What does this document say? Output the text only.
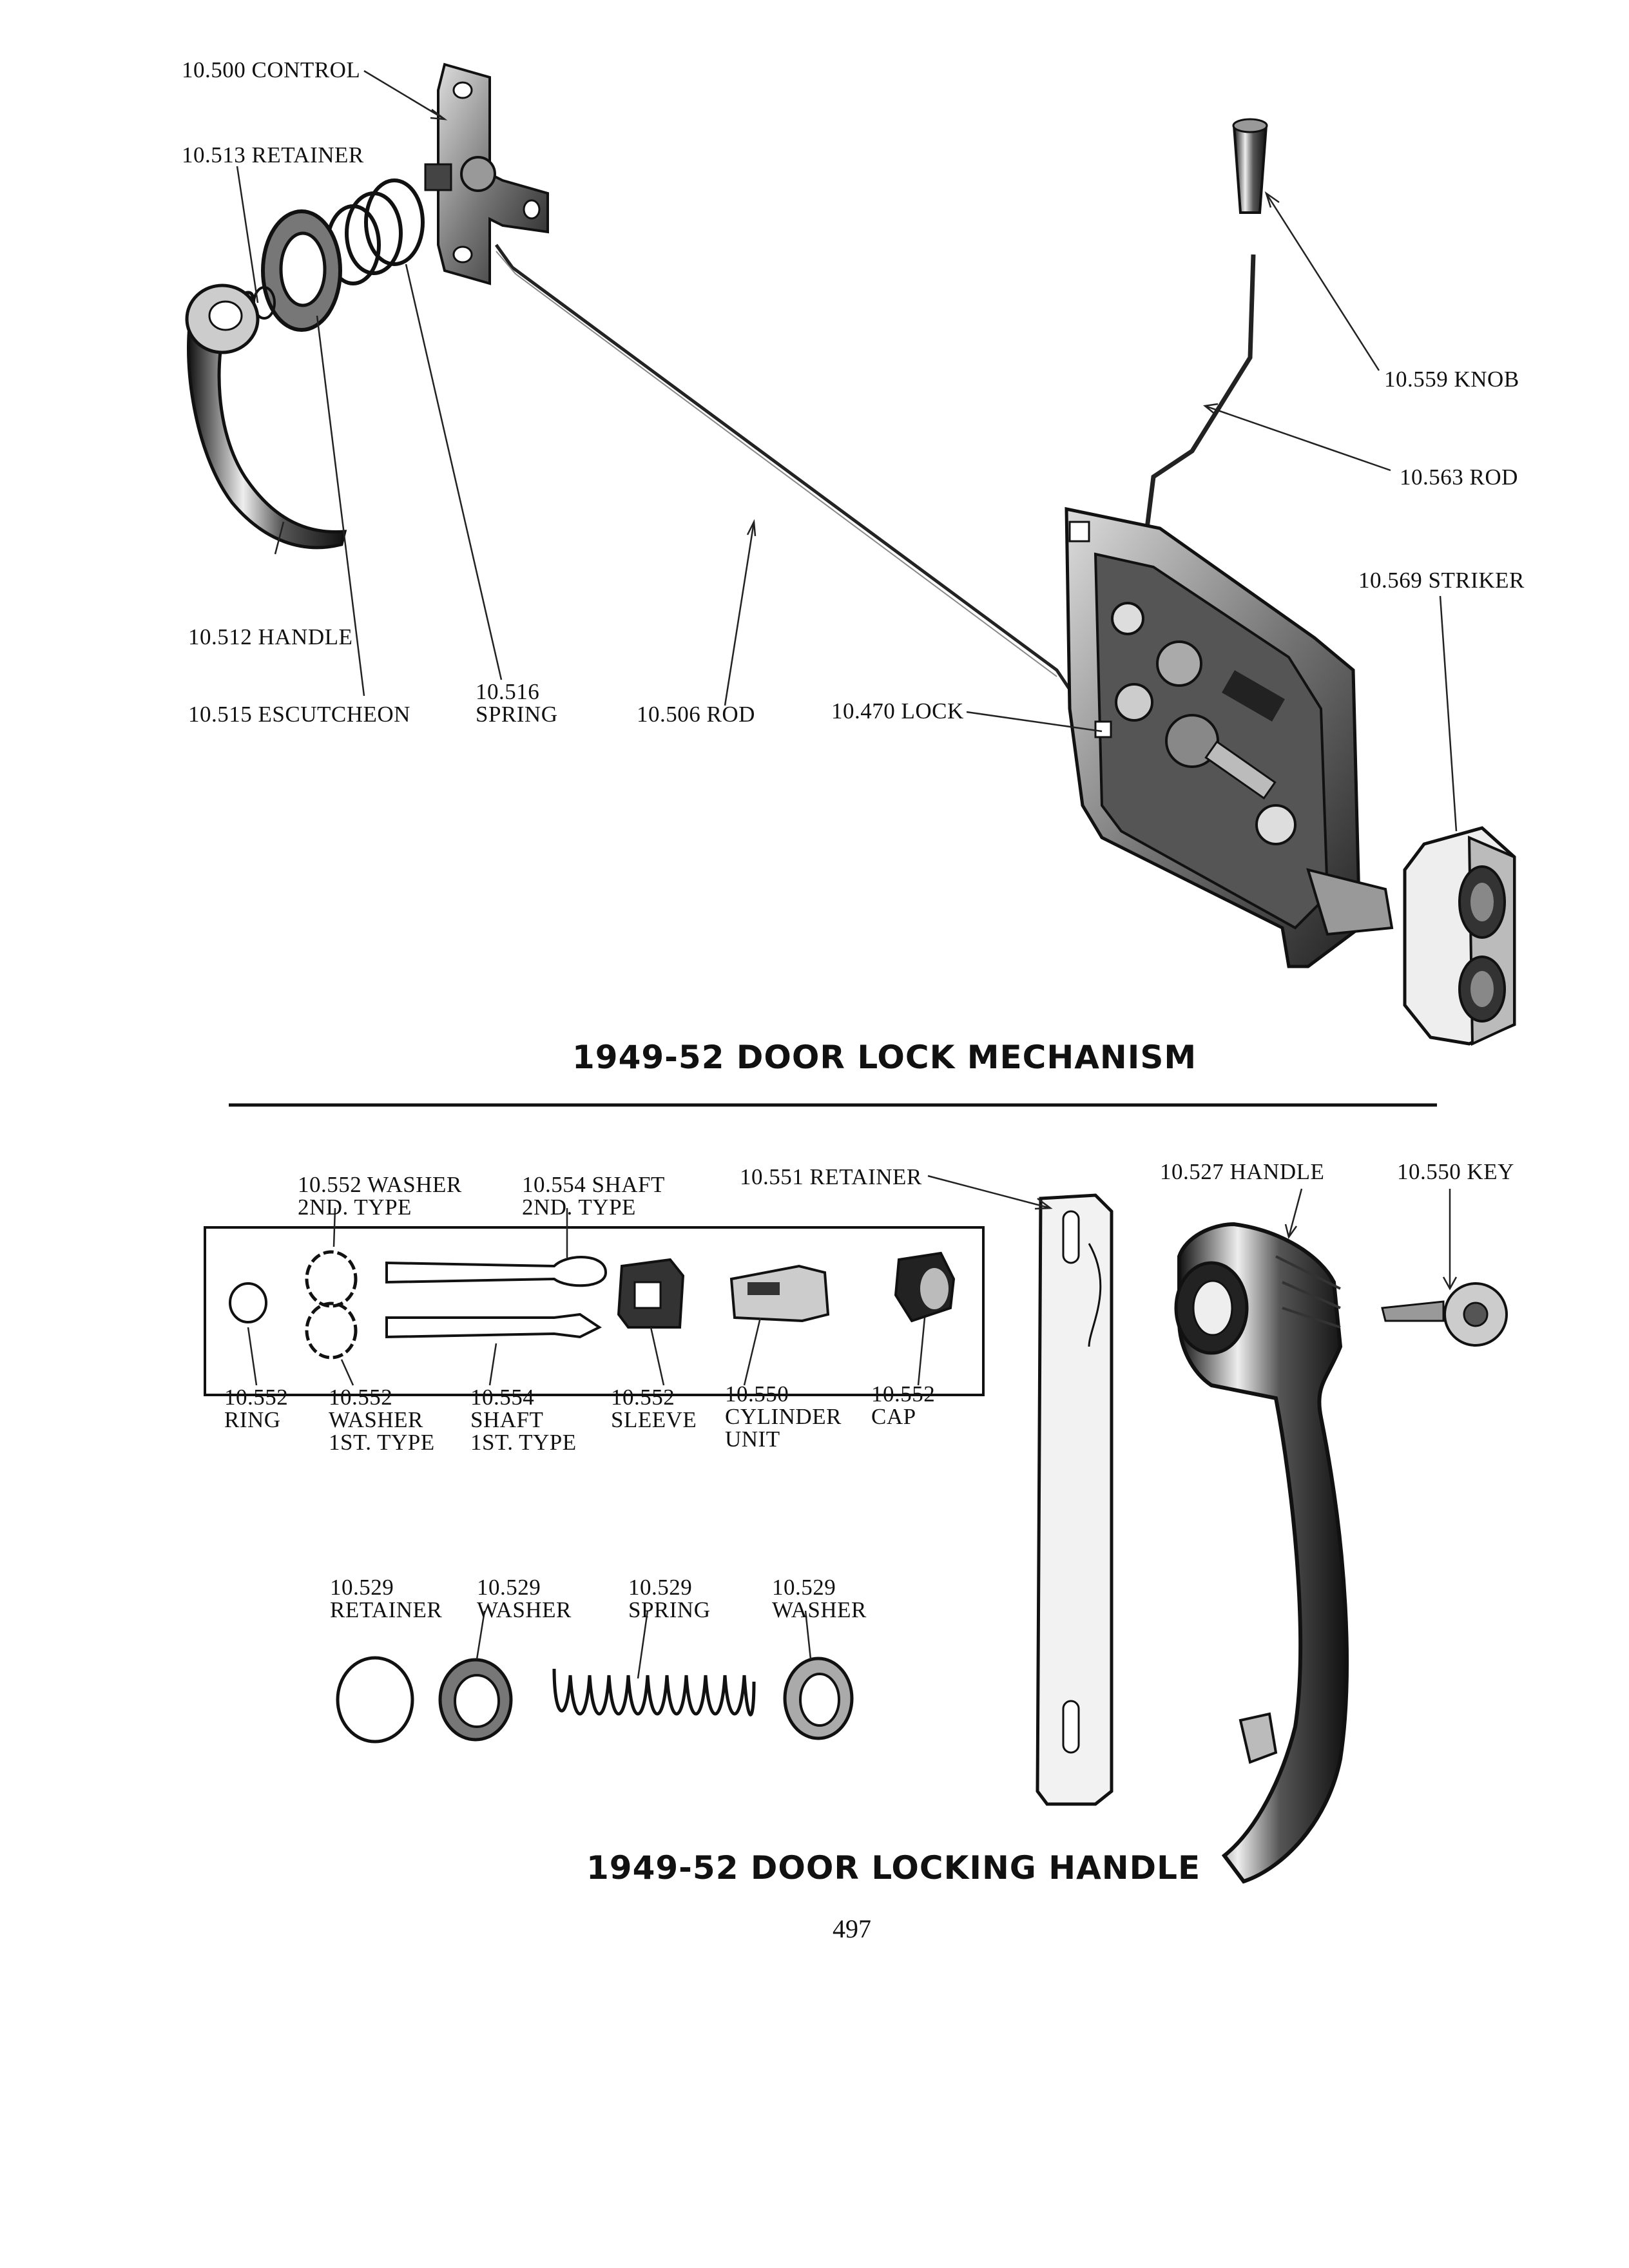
10.500 CONTROL
10.513 RETAINER
10.512 HANDLE
10.515 ESCUTCHEON
10.516
SPRING	10.506 ROD	10.470 LOCK
10.559 KNOB
10.563 ROD
10.569 STRIKER
1949-52 DOOR LOCK MECHANISM
10.552 WASHER
2ND. TYPE
10.554 SHAFT
2ND. TYPE
10.551 RETAINER	10.527 HANDLE	10.550 KEY
10.552
RING
10.552
WASHER
1ST. TYPE
10.554
SHAFT
1ST. TYPE
10.552
SLEEVE
10.550
CYLINDER
UNIT
10.552
CAP
10.529
RETAINER
10.529
WASHER
10.529
SPRING
10.529
WASHER
1949-52 DOOR LOCKING HANDLE
497
